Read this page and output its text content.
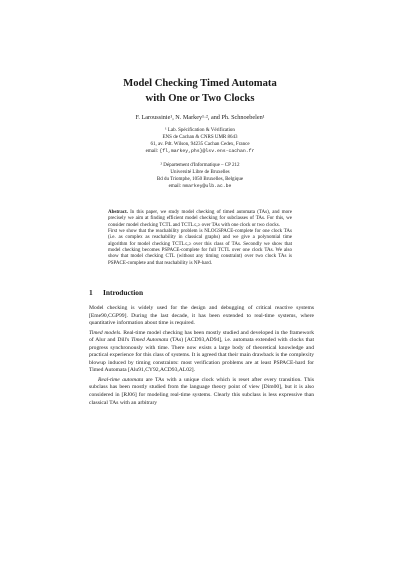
Model Checking Timed Automata
with One or Two Clocks
F. Laroussinie¹, N. Markey¹·², and Ph. Schnoebelen¹
¹ Lab. Spécification & Vérification
ENS de Cachan & CNRS UMR 8643
61, av. Pdt. Wilson, 94235 Cachan Cedex, France
email: {fl,markey,phs}@lsv.ens-cachan.fr
² Département d'Informatique – CP 212
Université Libre de Bruxelles
Bd du Triomphe, 1050 Bruxelles, Belgique
email: nmarkey@ulb.ac.be

Abstract. In this paper, we study model checking of timed automata (TAs), and more precisely we aim at finding efficient model checking for subclasses of TAs. For this, we consider model checking TCTL and TCTL≤,≥ over TAs with one clock or two clocks.

First we show that the reachability problem is NLOGSPACE-complete for one clock TAs (i.e. as complex as reachability in classical graphs) and we give a polynomial time algorithm for model checking TCTL≤,≥ over this class of TAs. Secondly we show that model checking becomes PSPACE-complete for full TCTL over one clock TAs. We also show that model checking CTL (without any timing constraint) over two clock TAs is PSPACE-complete and that reachability is NP-hard.

1 Introduction

Model checking is widely used for the design and debugging of critical reactive systems [Eme90,CGP99]. During the last decade, it has been extended to real-time systems, where quantitative information about time is required.

Timed models. Real-time model checking has been mostly studied and developed in the framework of Alur and Dill's Timed Automata (TAs) [ACD93,AD94], i.e. automata extended with clocks that progress synchronously with time. There now exists a large body of theoretical knowledge and practical experience for this class of systems. It is agreed that their main drawback is the complexity blowup induced by timing constraints: most verification problems are at least PSPACE-hard for Timed Automata [Alu91,CY92,ACD93,AL02].

Real-time automata are TAs with a unique clock which is reset after every transition. This subclass has been mostly studied from the language theory point of view [Dim00], but it is also considered in [RJ06] for modeling real-time systems. Clearly this subclass is less expressive than classical TAs with an arbitrary
